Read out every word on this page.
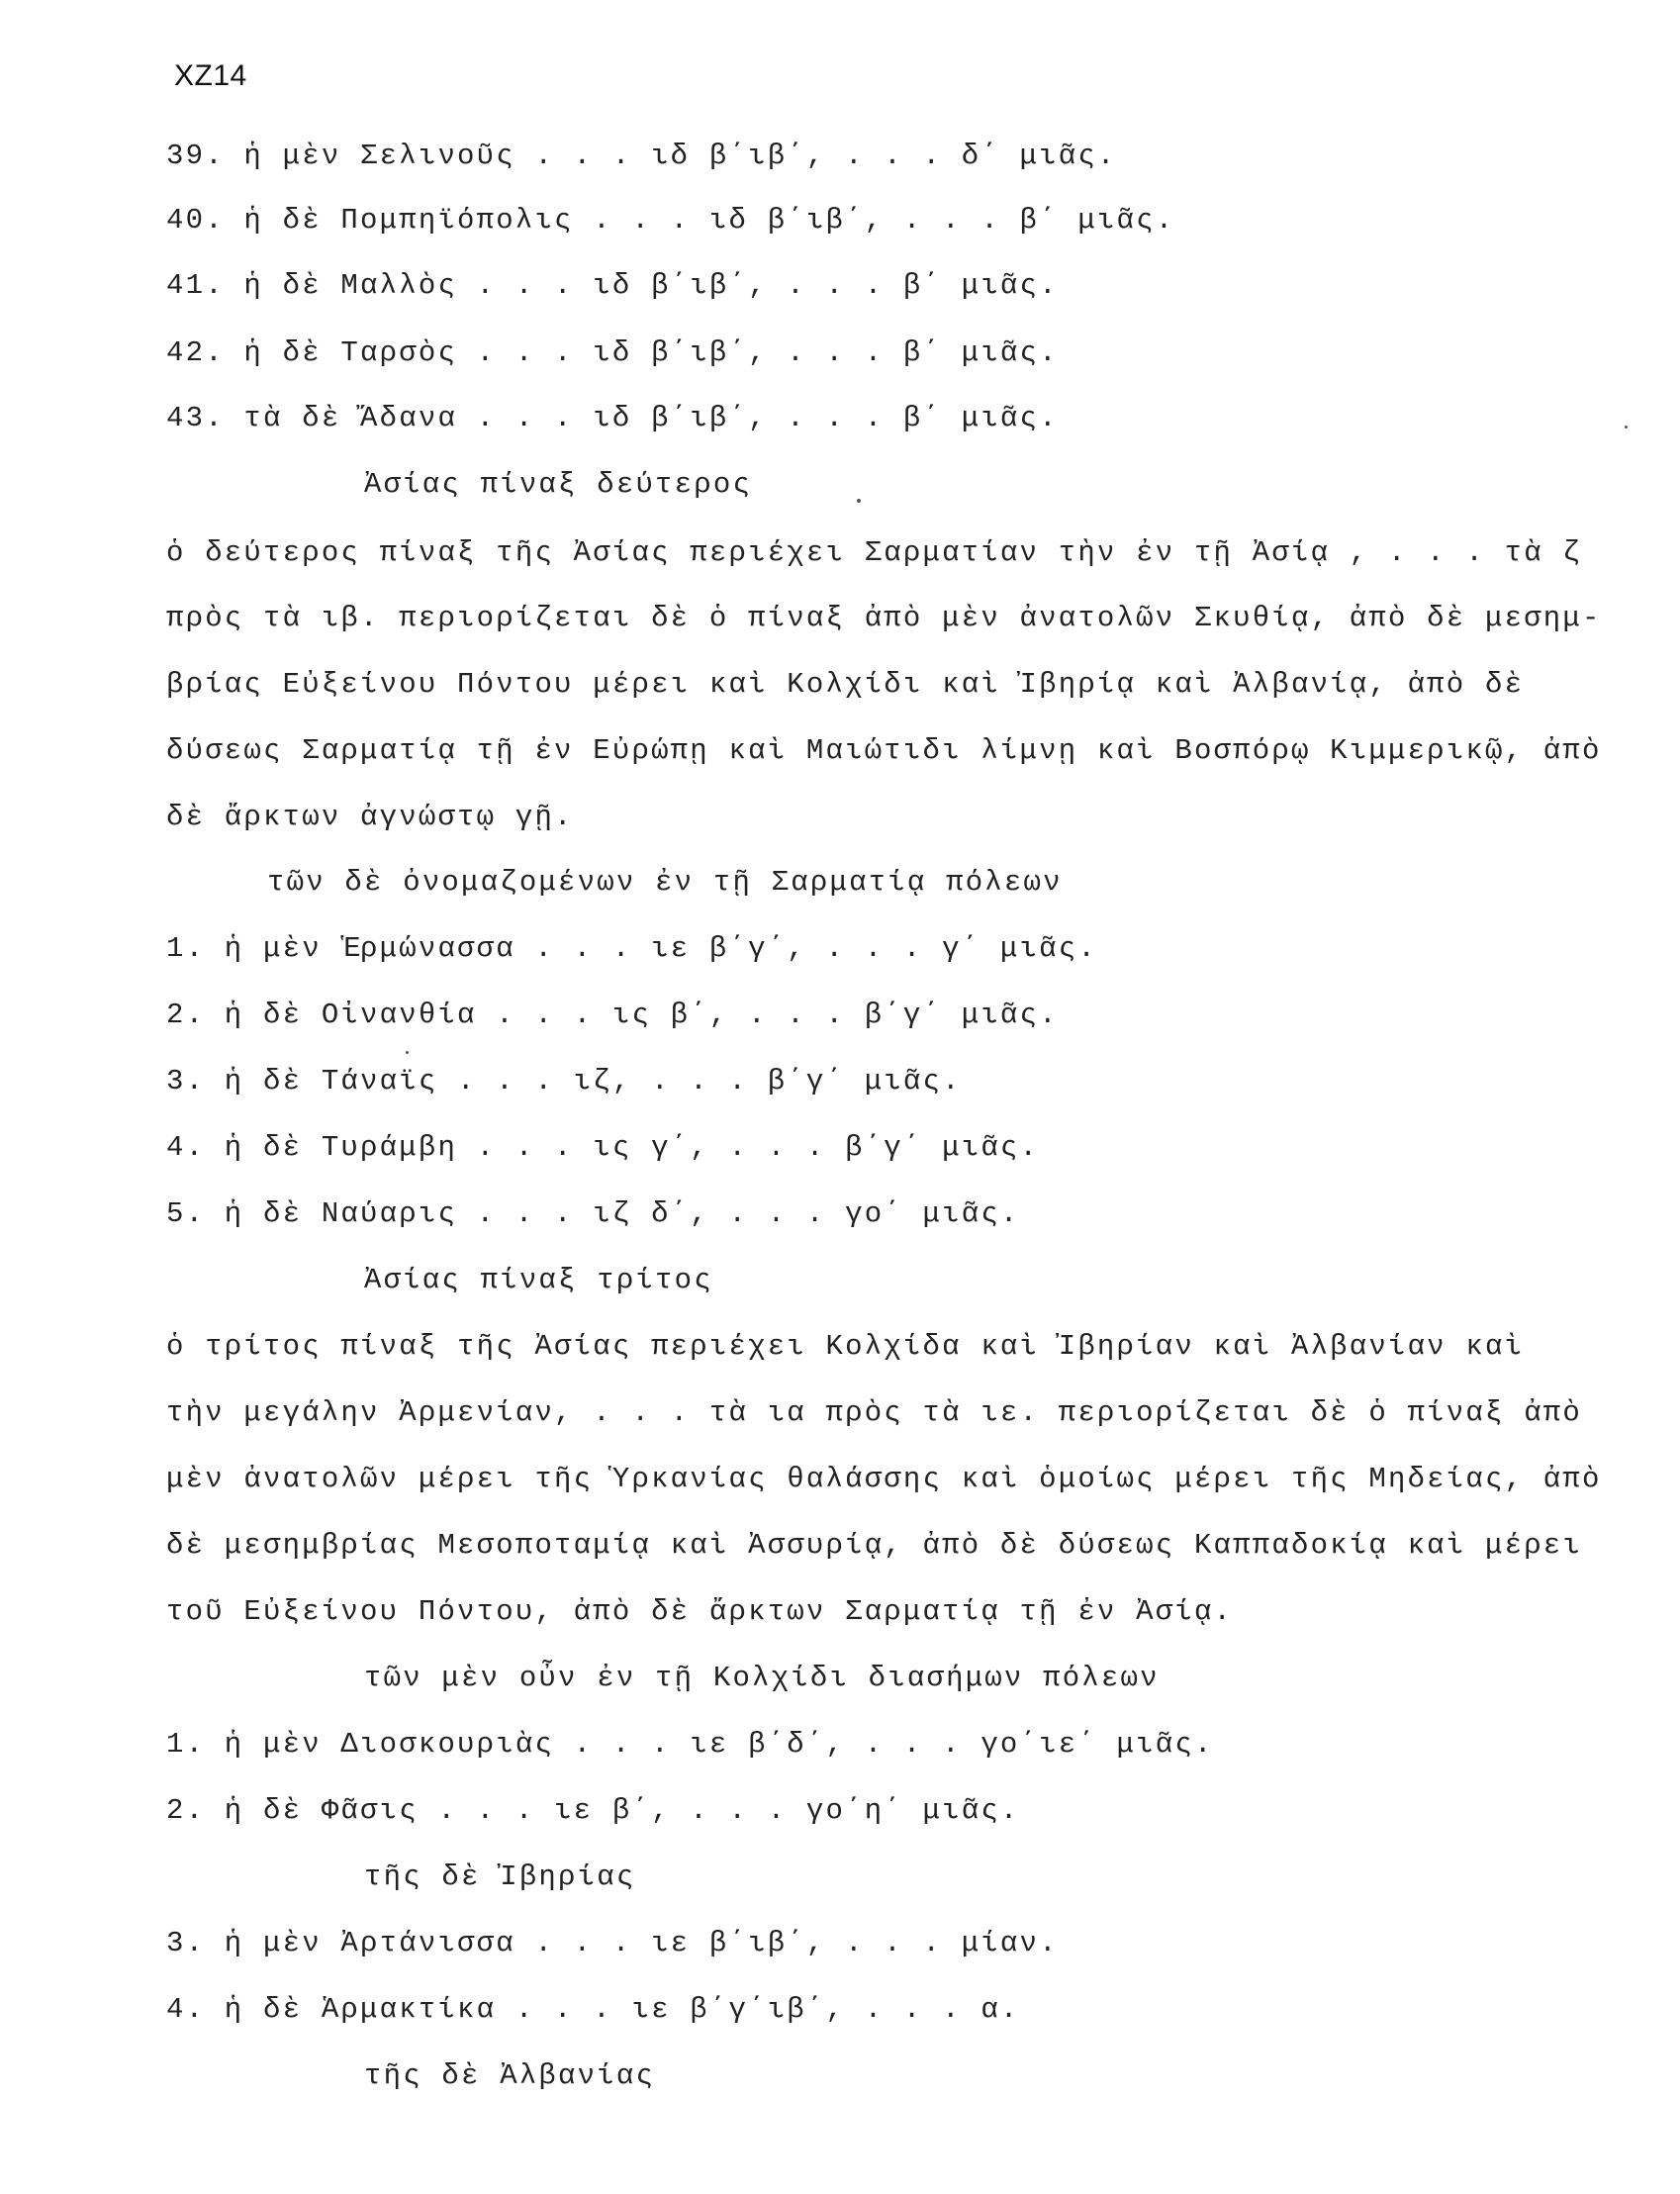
XZ14
39. ἡ μὲν Σελινοῦς . . . ιδ β΄ιβ΄, . . . δ΄ μιᾶς.
40. ἡ δὲ Πομπηϊόπολις . . . ιδ β΄ιβ΄, . . . β΄ μιᾶς.
41. ἡ δὲ Μαλλὸς . . . ιδ β΄ιβ΄, . . . β΄ μιᾶς.
42. ἡ δὲ Ταρσὸς . . . ιδ β΄ιβ΄, . . . β΄ μιᾶς.
43. τὰ δὲ Ἄδανα . . . ιδ β΄ιβ΄, . . . β΄ μιᾶς.
Ἀσίας πίναξ δεύτερος
ὁ δεύτερος πίναξ τῆς Ἀσίας περιέχει Σαρματίαν τὴν ἐν τῇ Ἀσίᾳ , . . . τὰ ζ
πρὸς τὰ ιβ. περιορίζεται δὲ ὁ πίναξ ἀπὸ μὲν ἀνατολῶν Σκυθίᾳ, ἀπὸ δὲ μεσημ-
βρίας Εὐξείνου Πόντου μέρει καὶ Κολχίδι καὶ Ἰβηρίᾳ καὶ Ἀλβανίᾳ, ἀπὸ δὲ
δύσεως Σαρματίᾳ τῇ ἐν Εὐρώπῃ καὶ Μαιώτιδι λίμνῃ καὶ Βοσπόρῳ Κιμμερικῷ, ἀπὸ
δὲ ἄρκτων ἀγνώστῳ γῇ.
τῶν δὲ ὀνομαζομένων ἐν τῇ Σαρματίᾳ πόλεων
1. ἡ μὲν Ἑρμώνασσα . . . ιε β΄γ΄, . . . γ΄ μιᾶς.
2. ἡ δὲ Οἰνανθία . . . ις β΄, . . . β΄γ΄ μιᾶς.
3. ἡ δὲ Τάναϊς . . . ιζ, . . . β΄γ΄ μιᾶς.
4. ἡ δὲ Τυράμβη . . . ις γ΄, . . . β΄γ΄ μιᾶς.
5. ἡ δὲ Ναύαρις . . . ιζ δ΄, . . . γο΄ μιᾶς.
Ἀσίας πίναξ τρίτος
ὁ τρίτος πίναξ τῆς Ἀσίας περιέχει Κολχίδα καὶ Ἰβηρίαν καὶ Ἀλβανίαν καὶ
τὴν μεγάλην Ἀρμενίαν, . . . τὰ ια πρὸς τὰ ιε. περιορίζεται δὲ ὁ πίναξ ἀπὸ
μὲν ἀνατολῶν μέρει τῆς Ὑρκανίας θαλάσσης καὶ ὁμοίως μέρει τῆς Μηδείας, ἀπὸ
δὲ μεσημβρίας Μεσοποταμίᾳ καὶ Ἀσσυρίᾳ, ἀπὸ δὲ δύσεως Καππαδοκίᾳ καὶ μέρει
τοῦ Εὐξείνου Πόντου, ἀπὸ δὲ ἄρκτων Σαρματίᾳ τῇ ἐν Ἀσίᾳ.
τῶν μὲν οὖν ἐν τῇ Κολχίδι διασήμων πόλεων
1. ἡ μὲν Διοσκουριὰς . . . ιε β΄δ΄, . . . γο΄ιε΄ μιᾶς.
2. ἡ δὲ Φᾶσις . . . ιε β΄, . . . γο΄η΄ μιᾶς.
τῆς δὲ Ἰβηρίας
3. ἡ μὲν Ἀρτάνισσα . . . ιε β΄ιβ΄, . . . μίαν.
4. ἡ δὲ Ἁρμακτίκα . . . ιε β΄γ΄ιβ΄, . . . α.
τῆς δὲ Ἀλβανίας
